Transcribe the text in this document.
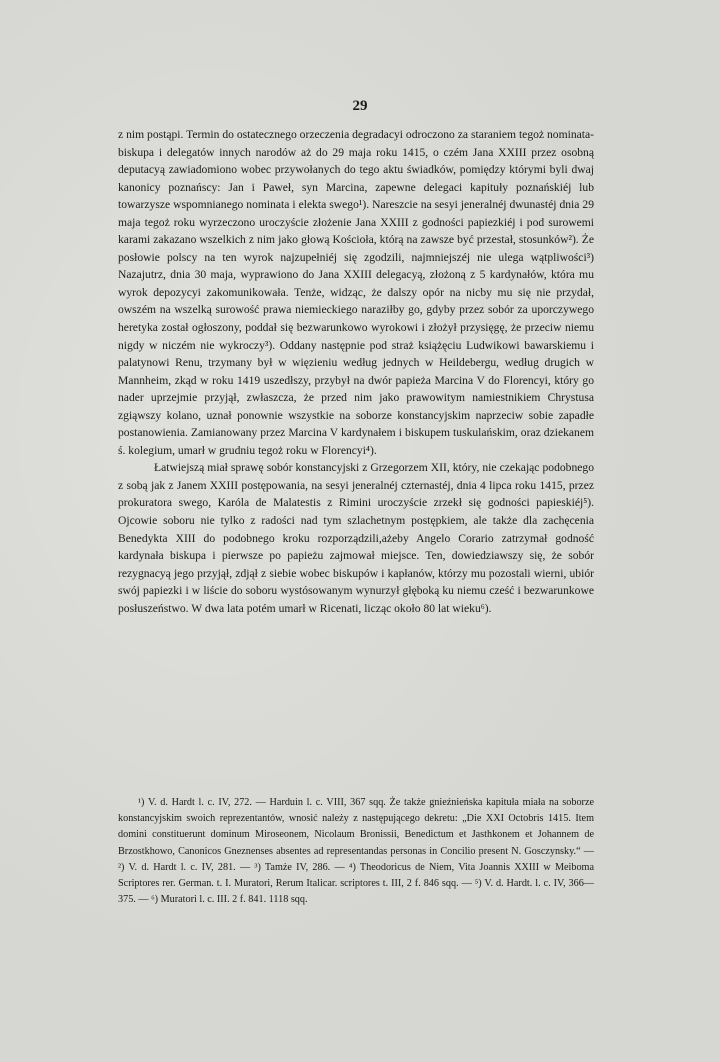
29

z nim postąpi. Termin do ostatecznego orzeczenia degradacyi odroczono za staraniem tegoż nominata-biskupa i delegatów innych narodów aż do 29 maja roku 1415, o czém Jana XXIII przez osobną deputacyą zawiadomiono wobec przywołanych do tego aktu świadków, pomiędzy którymi byli dwaj kanonicy poznańscy: Jan i Paweł, syn Marcina, zapewne delegaci kapituły poznańskiéj lub towarzysze wspomnianego nominata i elekta swego¹). Nareszcie na sesyi jeneralnéj dwunastéj dnia 29 maja tegoż roku wyrzeczono uroczyście złożenie Jana XXIII z godności papiezkiéj i pod surowemi karami zakazano wszelkich z nim jako głową Kościoła, którą na zawsze być przestał, stosunków²). Że posłowie polscy na ten wyrok najzupełniéj się zgodzili, najmniejszéj nie ulega wątpliwości³) Nazajutrz, dnia 30 maja, wyprawiono do Jana XXIII delegacyą, złożoną z 5 kardynałów, która mu wyrok depozycyi zakomunikowała. Tenże, widząc, że dalszy opór na nicby mu się nie przydał, owszém na wszelką surowość prawa niemieckiego naraziłby go, gdyby przez sobór za uporczywego heretyka został ogłoszony, poddał się bezwarunkowo wyrokowi i złożył przysięgę, że przeciw niemu nigdy w niczém nie wykroczy³). Oddany następnie pod straż książęciu Ludwikowi bawarskiemu i palatynowi Renu, trzymany był w więzieniu według jednych w Heildebergu, według drugich w Mannheim, zkąd w roku 1419 uszedłszy, przybył na dwór papieża Marcina V do Florencyi, który go nader uprzejmie przyjął, zwłaszcza, że przed nim jako prawowitym namiestnikiem Chrystusa zgiąwszy kolano, uznał ponownie wszystkie na soborze konstancyjskim naprzeciw sobie zapadłe postanowienia. Zamianowany przez Marcina V kardynałem i biskupem tuskulańskim, oraz dziekanem ś. kolegium, umarł w grudniu tegoż roku w Florencyi⁴).

Łatwiejszą miał sprawę sobór konstancyjski z Grzegorzem XII, który, nie czekając podobnego z sobą jak z Janem XXIII postępowania, na sesyi jeneralnéj czternastéj, dnia 4 lipca roku 1415, przez prokuratora swego, Karóla de Malatestis z Rimini uroczyście zrzekł się godności papieskiéj⁵). Ojcowie soboru nie tylko z radości nad tym szlachetnym postępkiem, ale także dla zachęcenia Benedykta XIII do podobnego kroku rozporządzili,ażeby Angelo Corario zatrzymał godność kardynała biskupa i pierwsze po papieżu zajmował miejsce. Ten, dowiedziawszy się, że sobór rezygnacyą jego przyjął, zdjął z siebie wobec biskupów i kapłanów, którzy mu pozostali wierni, ubiór swój papiezki i w liście do soboru wystósowanym wynurzył głęboką ku niemu cześć i bezwarunkowe posłuszeństwo. W dwa lata potém umarł w Ricenati, licząc około 80 lat wieku⁶).

¹) V. d. Hardt l. c. IV, 272. — Harduin l. c. VIII, 367 sqq. Że także gnieźnieńska kapituła miała na soborze konstancyjskim swoich reprezentantów, wnosić należy z następującego dekretu: „Die XXI Octobris 1415. Item domini constituerunt dominum Miroseonem, Nicolaum Bronissii, Benedictum et Jasthkonem et Johannem de Brzostkhowo, Canonicos Gneznenses absentes ad representandas personas in Concilio present N. Gosczynsky.“ — ²) V. d. Hardt l. c. IV, 281. — ³) Tamże IV, 286. — ⁴) Theodoricus de Niem, Vita Joannis XXIII w Meiboma Scriptores rer. German. t. I. Muratori, Rerum Italicar. scriptores t. III, 2 f. 846 sqq. — ⁵) V. d. Hardt. l. c. IV, 366—375. — ⁶) Muratori l. c. III. 2 f. 841. 1118 sqq.
